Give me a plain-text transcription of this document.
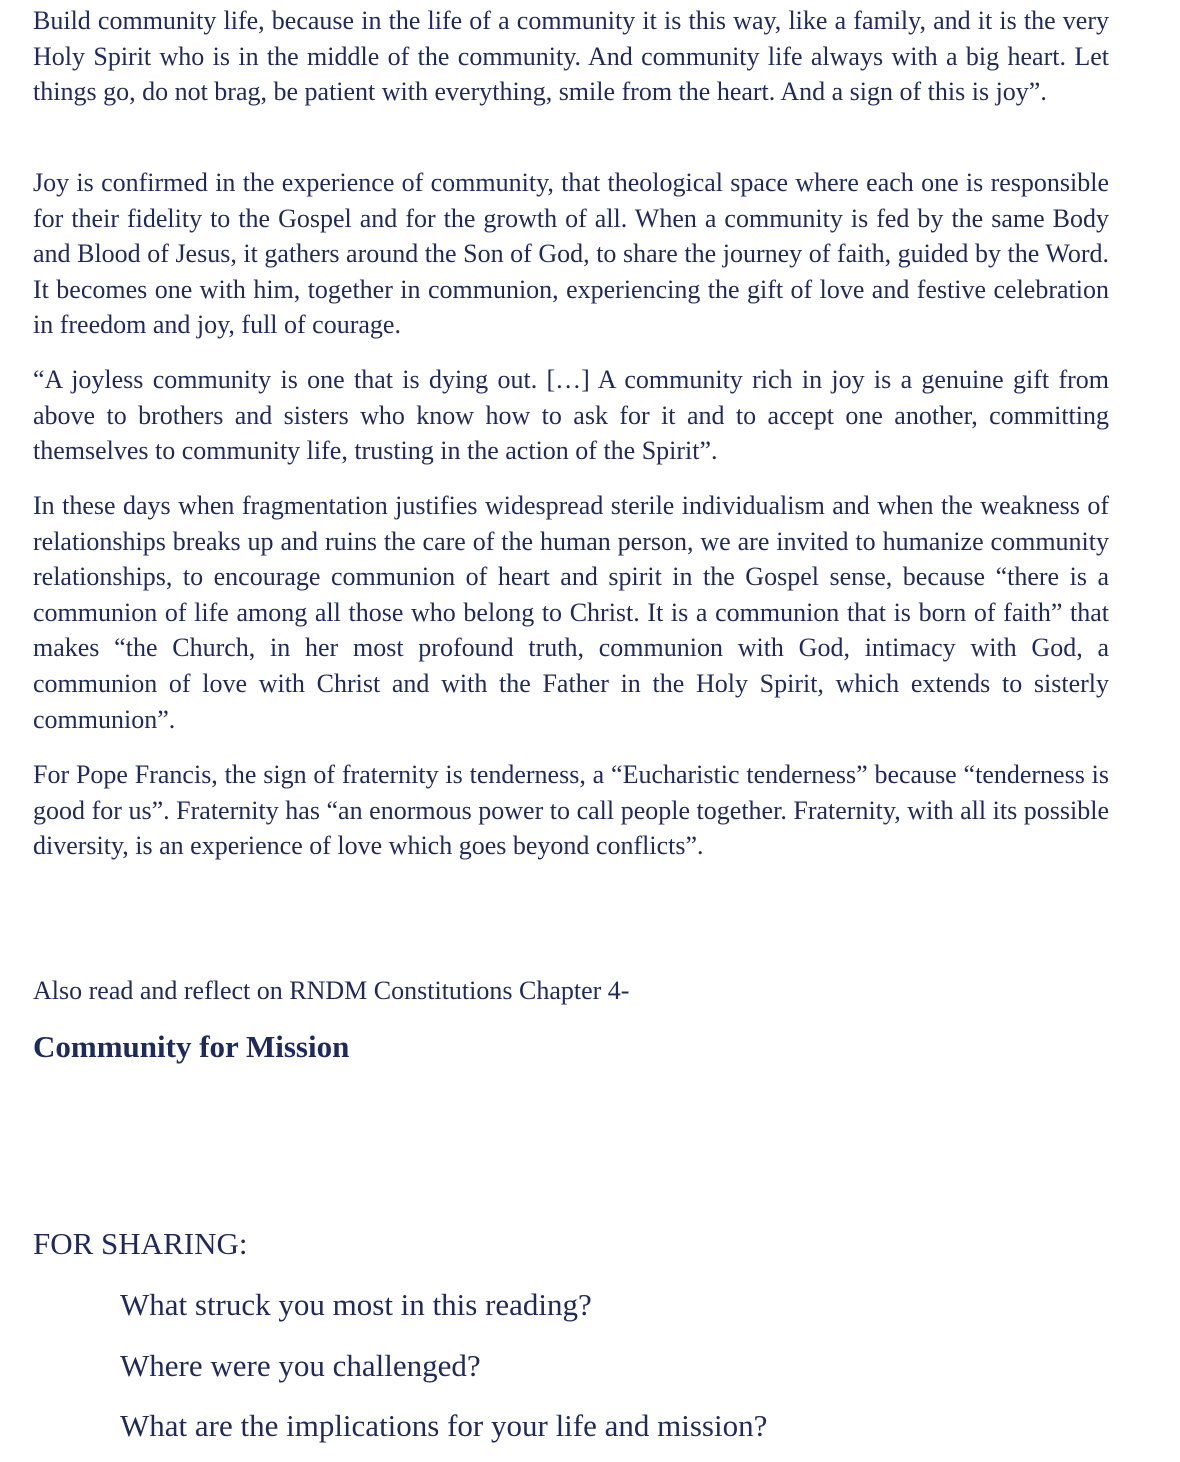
Build community life, because in the life of a community it is this way, like a family, and it is the very Holy Spirit who is in the middle of the community. And community life always with a big heart. Let things go, do not brag, be patient with everything, smile from the heart. And a sign of this is joy”.

Joy is confirmed in the experience of community, that theological space where each one is responsible for their fidelity to the Gospel and for the growth of all. When a community is fed by the same Body and Blood of Jesus, it gathers around the Son of God, to share the journey of faith, guided by the Word. It becomes one with him, together in communion, experiencing the gift of love and festive celebration in freedom and joy, full of courage.

“A joyless community is one that is dying out. […] A community rich in joy is a genuine gift from above to brothers and sisters who know how to ask for it and to accept one another, committing themselves to community life, trusting in the action of the Spirit”.

In these days when fragmentation justifies widespread sterile individualism and when the weakness of relationships breaks up and ruins the care of the human person, we are invited to humanize community relationships, to encourage communion of heart and spirit in the Gospel sense, because “there is a communion of life among all those who belong to Christ. It is a communion that is born of faith” that makes “the Church, in her most profound truth, communion with God, intimacy with God, a communion of love with Christ and with the Father in the Holy Spirit, which extends to sisterly communion”.

For Pope Francis, the sign of fraternity is tenderness, a “Eucharistic tenderness” because “tenderness is good for us”. Fraternity has “an enormous power to call people together. Fraternity, with all its possible diversity, is an experience of love which goes beyond conflicts”.

Also read and reflect on RNDM Constitutions Chapter 4-

Community for Mission

FOR SHARING:

What struck you most in this reading?

Where were you challenged?

What are the implications for your life and mission?
